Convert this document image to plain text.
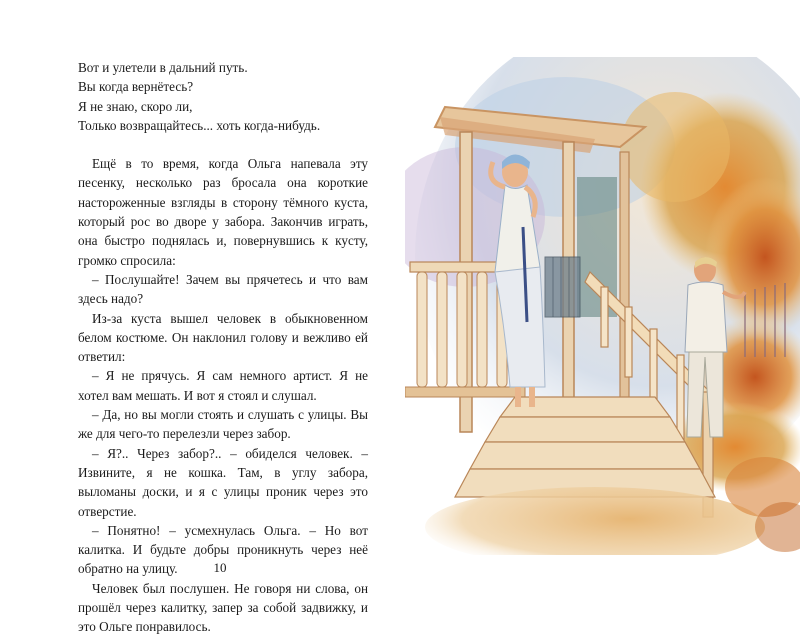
Вот и улетели в дальний путь.

Вы когда вернётесь?

Я не знаю, скоро ли,

Только возвращайтесь... хоть когда-нибудь.

Ещё в то время, когда Ольга напевала эту песенку, несколько раз бросала она короткие настороженные взгляды в сторону тёмного куста, который рос во дворе у забора. Закончив играть, она быстро поднялась и, повернувшись к кусту, громко спросила:

– Послушайте! Зачем вы прячетесь и что вам здесь надо?

Из-за куста вышел человек в обыкновенном белом костюме. Он наклонил голову и вежливо ей ответил:

– Я не прячусь. Я сам немного артист. Я не хотел вам мешать. И вот я стоял и слушал.

– Да, но вы могли стоять и слушать с улицы. Вы же для чего-то перелезли через забор.

– Я?.. Через забор?.. – обиделся человек. – Извините, я не кошка. Там, в углу забора, выломаны доски, и я с улицы проник через это отверстие.

– Понятно! – усмехнулась Ольга. – Но вот калитка. И будьте добры проникнуть через неё обратно на улицу.

Человек был послушен. Не говоря ни слова, он прошёл через калитку, запер за собой задвижку, и это Ольге понравилось.

10
